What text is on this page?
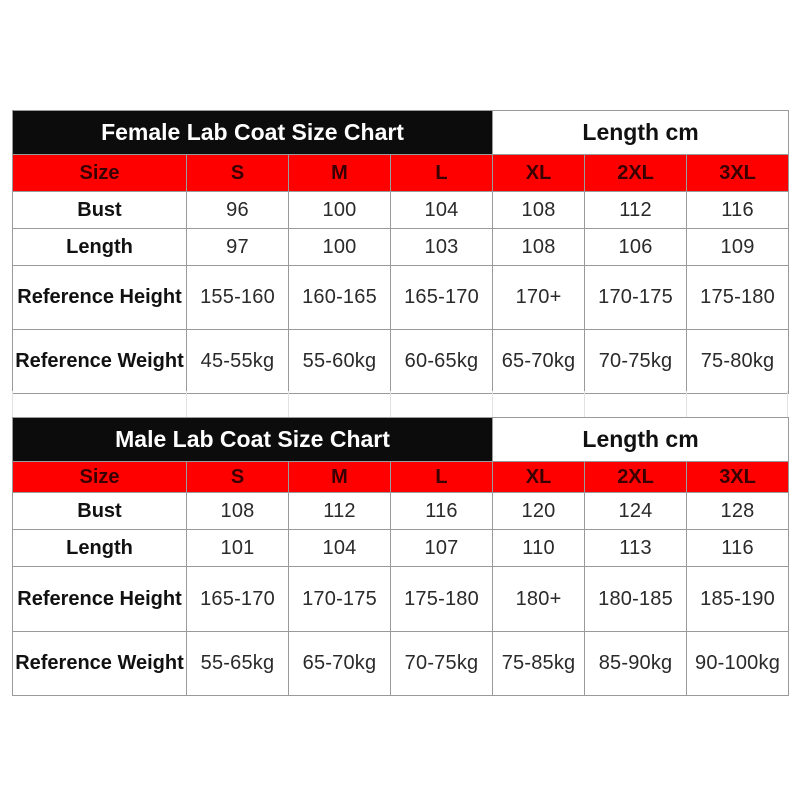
Female Lab Coat Size Chart				Length cm		
Size	S	M	L	XL	2XL	3XL
Bust	96	100	104	108	112	116
Length	97	100	103	108	106	109
Reference Height	155-160	160-165	165-170	170+	170-175	175-180
Reference Weight	45-55kg	55-60kg	60-65kg	65-70kg	70-75kg	75-80kg
Male Lab Coat Size Chart				Length cm		
Size	S	M	L	XL	2XL	3XL
Bust	108	112	116	120	124	128
Length	101	104	107	110	113	116
Reference Height	165-170	170-175	175-180	180+	180-185	185-190
Reference Weight	55-65kg	65-70kg	70-75kg	75-85kg	85-90kg	90-100kg
